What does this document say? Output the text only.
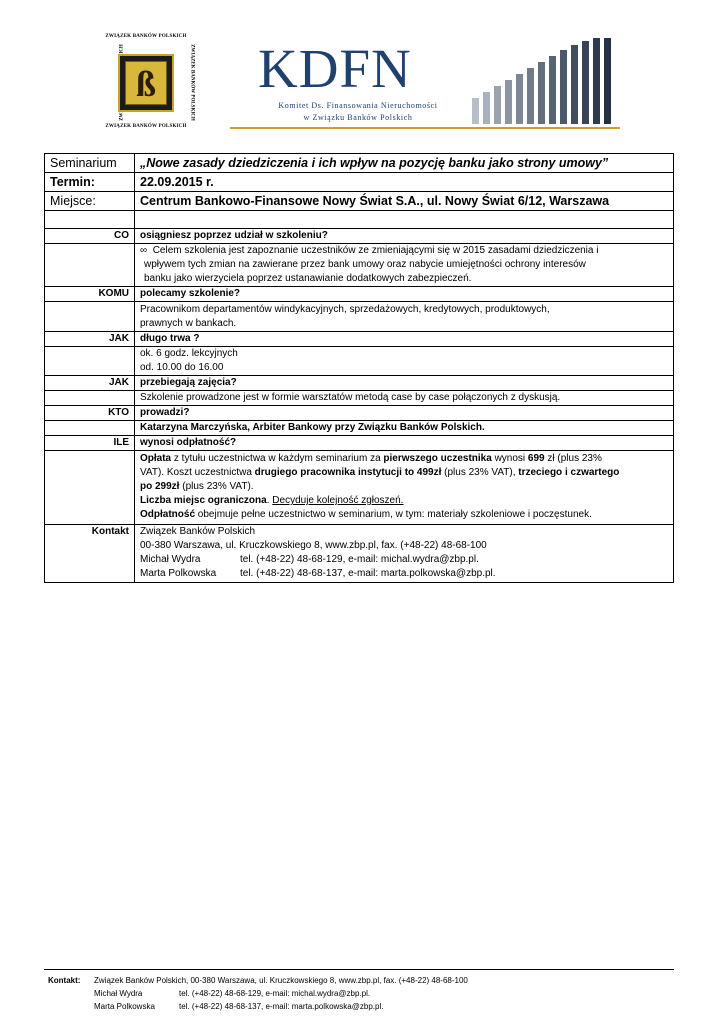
ZWIĄZEK BANKÓW POLSKICH
ZWIĄZEK BANKÓW POLSKICH
ß
ZWIĄZEK BANKÓW POLSKICH
KDFN
Komitet Ds. Finansowania Nieruchomości
w Związku Banków Polskich
Seminarium	„Nowe zasady dziedziczenia i ich wpływ na pozycję banku jako strony umowy”
Termin:	22.09.2015 r.
Miejsce:	Centrum Bankowo-Finansowe Nowy Świat S.A., ul. Nowy Świat 6/12, Warszawa

CO	osiągniesz poprzez udział w szkoleniu?

	∞ Celem szkolenia jest zapoznanie uczestników ze zmieniającymi się w 2015 zasadami dziedziczenia i
wpływem tych zmian na zawierane przez bank umowy oraz nabycie umiejętności ochrony interesów
banku jako wierzyciela poprzez ustanawianie dodatkowych zabezpieczeń.

KOMU	polecamy szkolenie?

	Pracownikom departamentów windykacyjnych, sprzedażowych, kredytowych, produktowych,
prawnych w bankach.

JAK	długo trwa ?

	ok. 6 godz. lekcyjnych
od. 10.00 do 16.00

JAK	przebiegają zajęcia?
	Szkolenie prowadzone jest w formie warsztatów metodą case by case połączonych z dyskusją.
KTO	prowadzi?
	Katarzyna Marczyńska, Arbiter Bankowy przy Związku Banków Polskich.
ILE	wynosi odpłatność?

	Opłata z tytułu uczestnictwa w każdym seminarium za pierwszego uczestnika wynosi 699 zł (plus 23%
VAT). Koszt uczestnictwa drugiego pracownika instytucji to 499zł (plus 23% VAT), trzeciego i czwartego
po 299zł (plus 23% VAT).
Liczba miejsc ograniczona. Decyduje kolejność zgłoszeń.
Odpłatność obejmuje pełne uczestnictwo w seminarium, w tym: materiały szkoleniowe i poczęstunek.

Kontakt	Związek Banków Polskich
00-380 Warszawa, ul. Kruczkowskiego 8, www.zbp.pl, fax. (+48-22) 48-68-100
Michał Wydra tel. (+48-22) 48-68-129, e-mail: michal.wydra@zbp.pl.
Marta Polkowska tel. (+48-22) 48-68-137, e-mail: marta.polkowska@zbp.pl.
Kontakt: Związek Banków Polskich, 00-380 Warszawa, ul. Kruczkowskiego 8, www.zbp.pl, fax. (+48-22) 48-68-100
Michał Wydra	tel. (+48-22) 48-68-129, e-mail: michal.wydra@zbp.pl.
Marta Polkowska	tel. (+48-22) 48-68-137, e-mail: marta.polkowska@zbp.pl.
